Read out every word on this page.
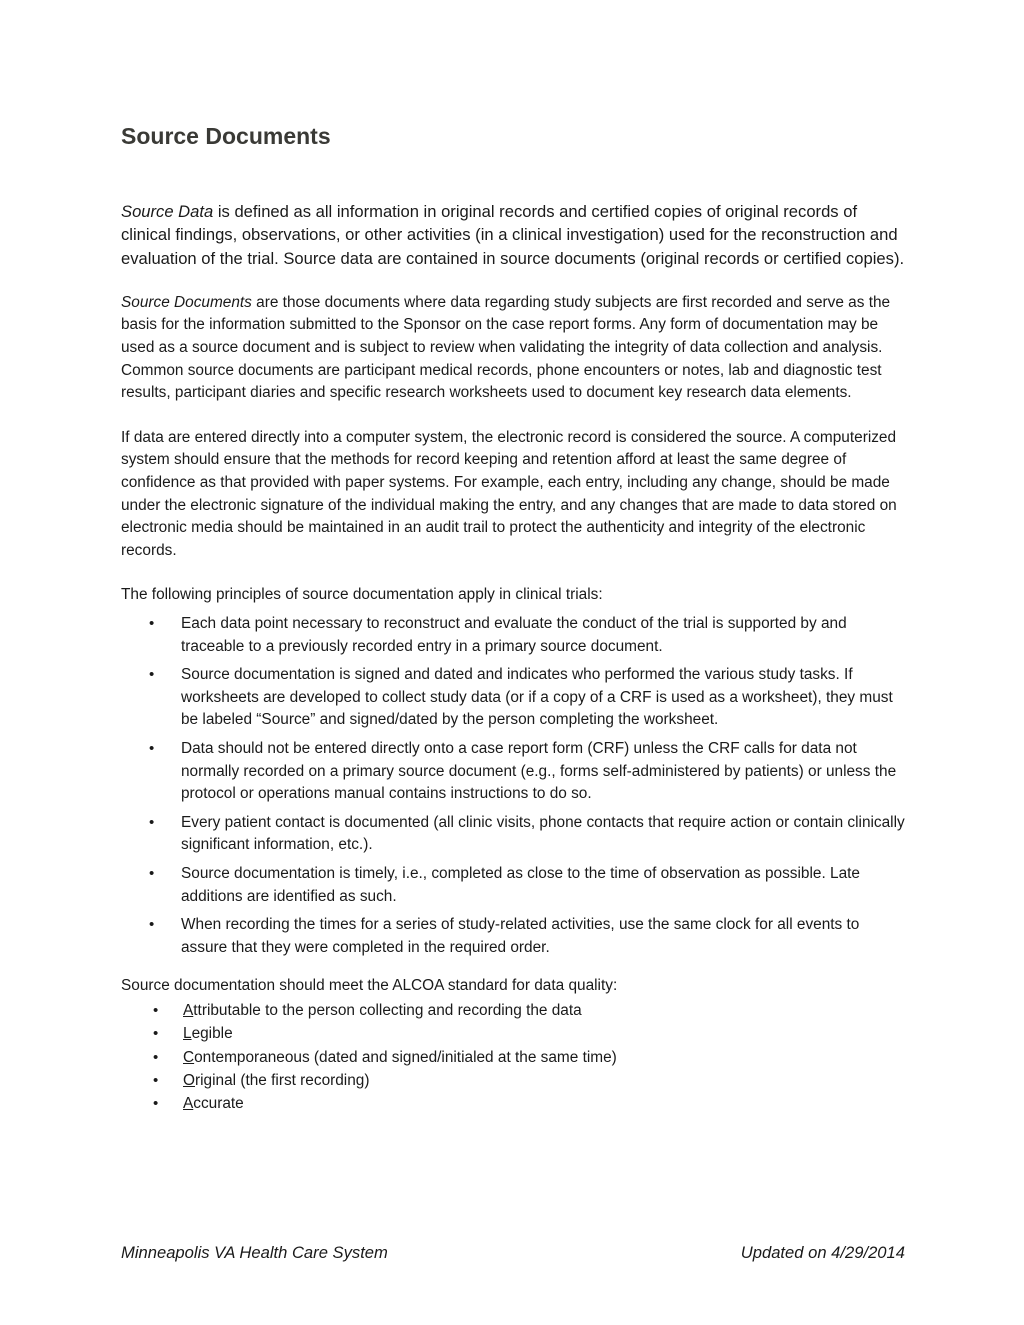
Source Documents
Source Data is defined as all information in original records and certified copies of original records of clinical findings, observations, or other activities (in a clinical investigation) used for the reconstruction and evaluation of the trial. Source data are contained in source documents (original records or certified copies).

Source Documents are those documents where data regarding study subjects are first recorded and serve as the basis for the information submitted to the Sponsor on the case report forms. Any form of documentation may be used as a source document and is subject to review when validating the integrity of data collection and analysis. Common source documents are participant medical records, phone encounters or notes, lab and diagnostic test results, participant diaries and specific research worksheets used to document key research data elements.

If data are entered directly into a computer system, the electronic record is considered the source. A computerized system should ensure that the methods for record keeping and retention afford at least the same degree of confidence as that provided with paper systems. For example, each entry, including any change, should be made under the electronic signature of the individual making the entry, and any changes that are made to data stored on electronic media should be maintained in an audit trail to protect the authenticity and integrity of the electronic records.

The following principles of source documentation apply in clinical trials:

• Each data point necessary to reconstruct and evaluate the conduct of the trial is supported by and traceable to a previously recorded entry in a primary source document.
• Source documentation is signed and dated and indicates who performed the various study tasks. If worksheets are developed to collect study data (or if a copy of a CRF is used as a worksheet), they must be labeled “Source” and signed/dated by the person completing the worksheet.
• Data should not be entered directly onto a case report form (CRF) unless the CRF calls for data not normally recorded on a primary source document (e.g., forms self-administered by patients) or unless the protocol or operations manual contains instructions to do so.
• Every patient contact is documented (all clinic visits, phone contacts that require action or contain clinically significant information, etc.).
• Source documentation is timely, i.e., completed as close to the time of observation as possible. Late additions are identified as such.
• When recording the times for a series of study-related activities, use the same clock for all events to assure that they were completed in the required order.

Source documentation should meet the ALCOA standard for data quality:

• Attributable to the person collecting and recording the data
• Legible
• Contemporaneous (dated and signed/initialed at the same time)
• Original (the first recording)
• Accurate
Minneapolis VA Health Care System	Updated on 4/29/2014
